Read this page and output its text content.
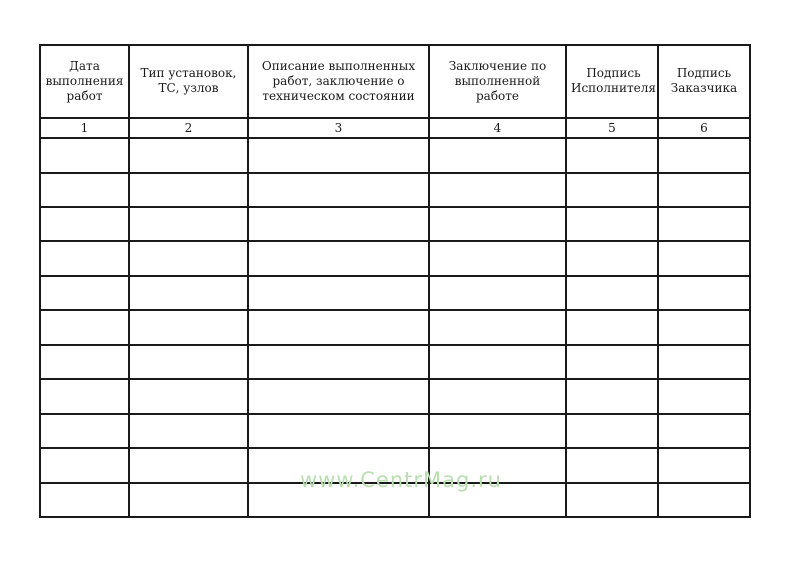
Дата выполнения работ	Тип установок, ТС, узлов	Описание выполненных работ, заключение о техническом состоянии	Заключение по выполненной работе	Подпись Исполнителя	Подпись Заказчика
1	2	3	4	5	6

www.CentrMag.ru
